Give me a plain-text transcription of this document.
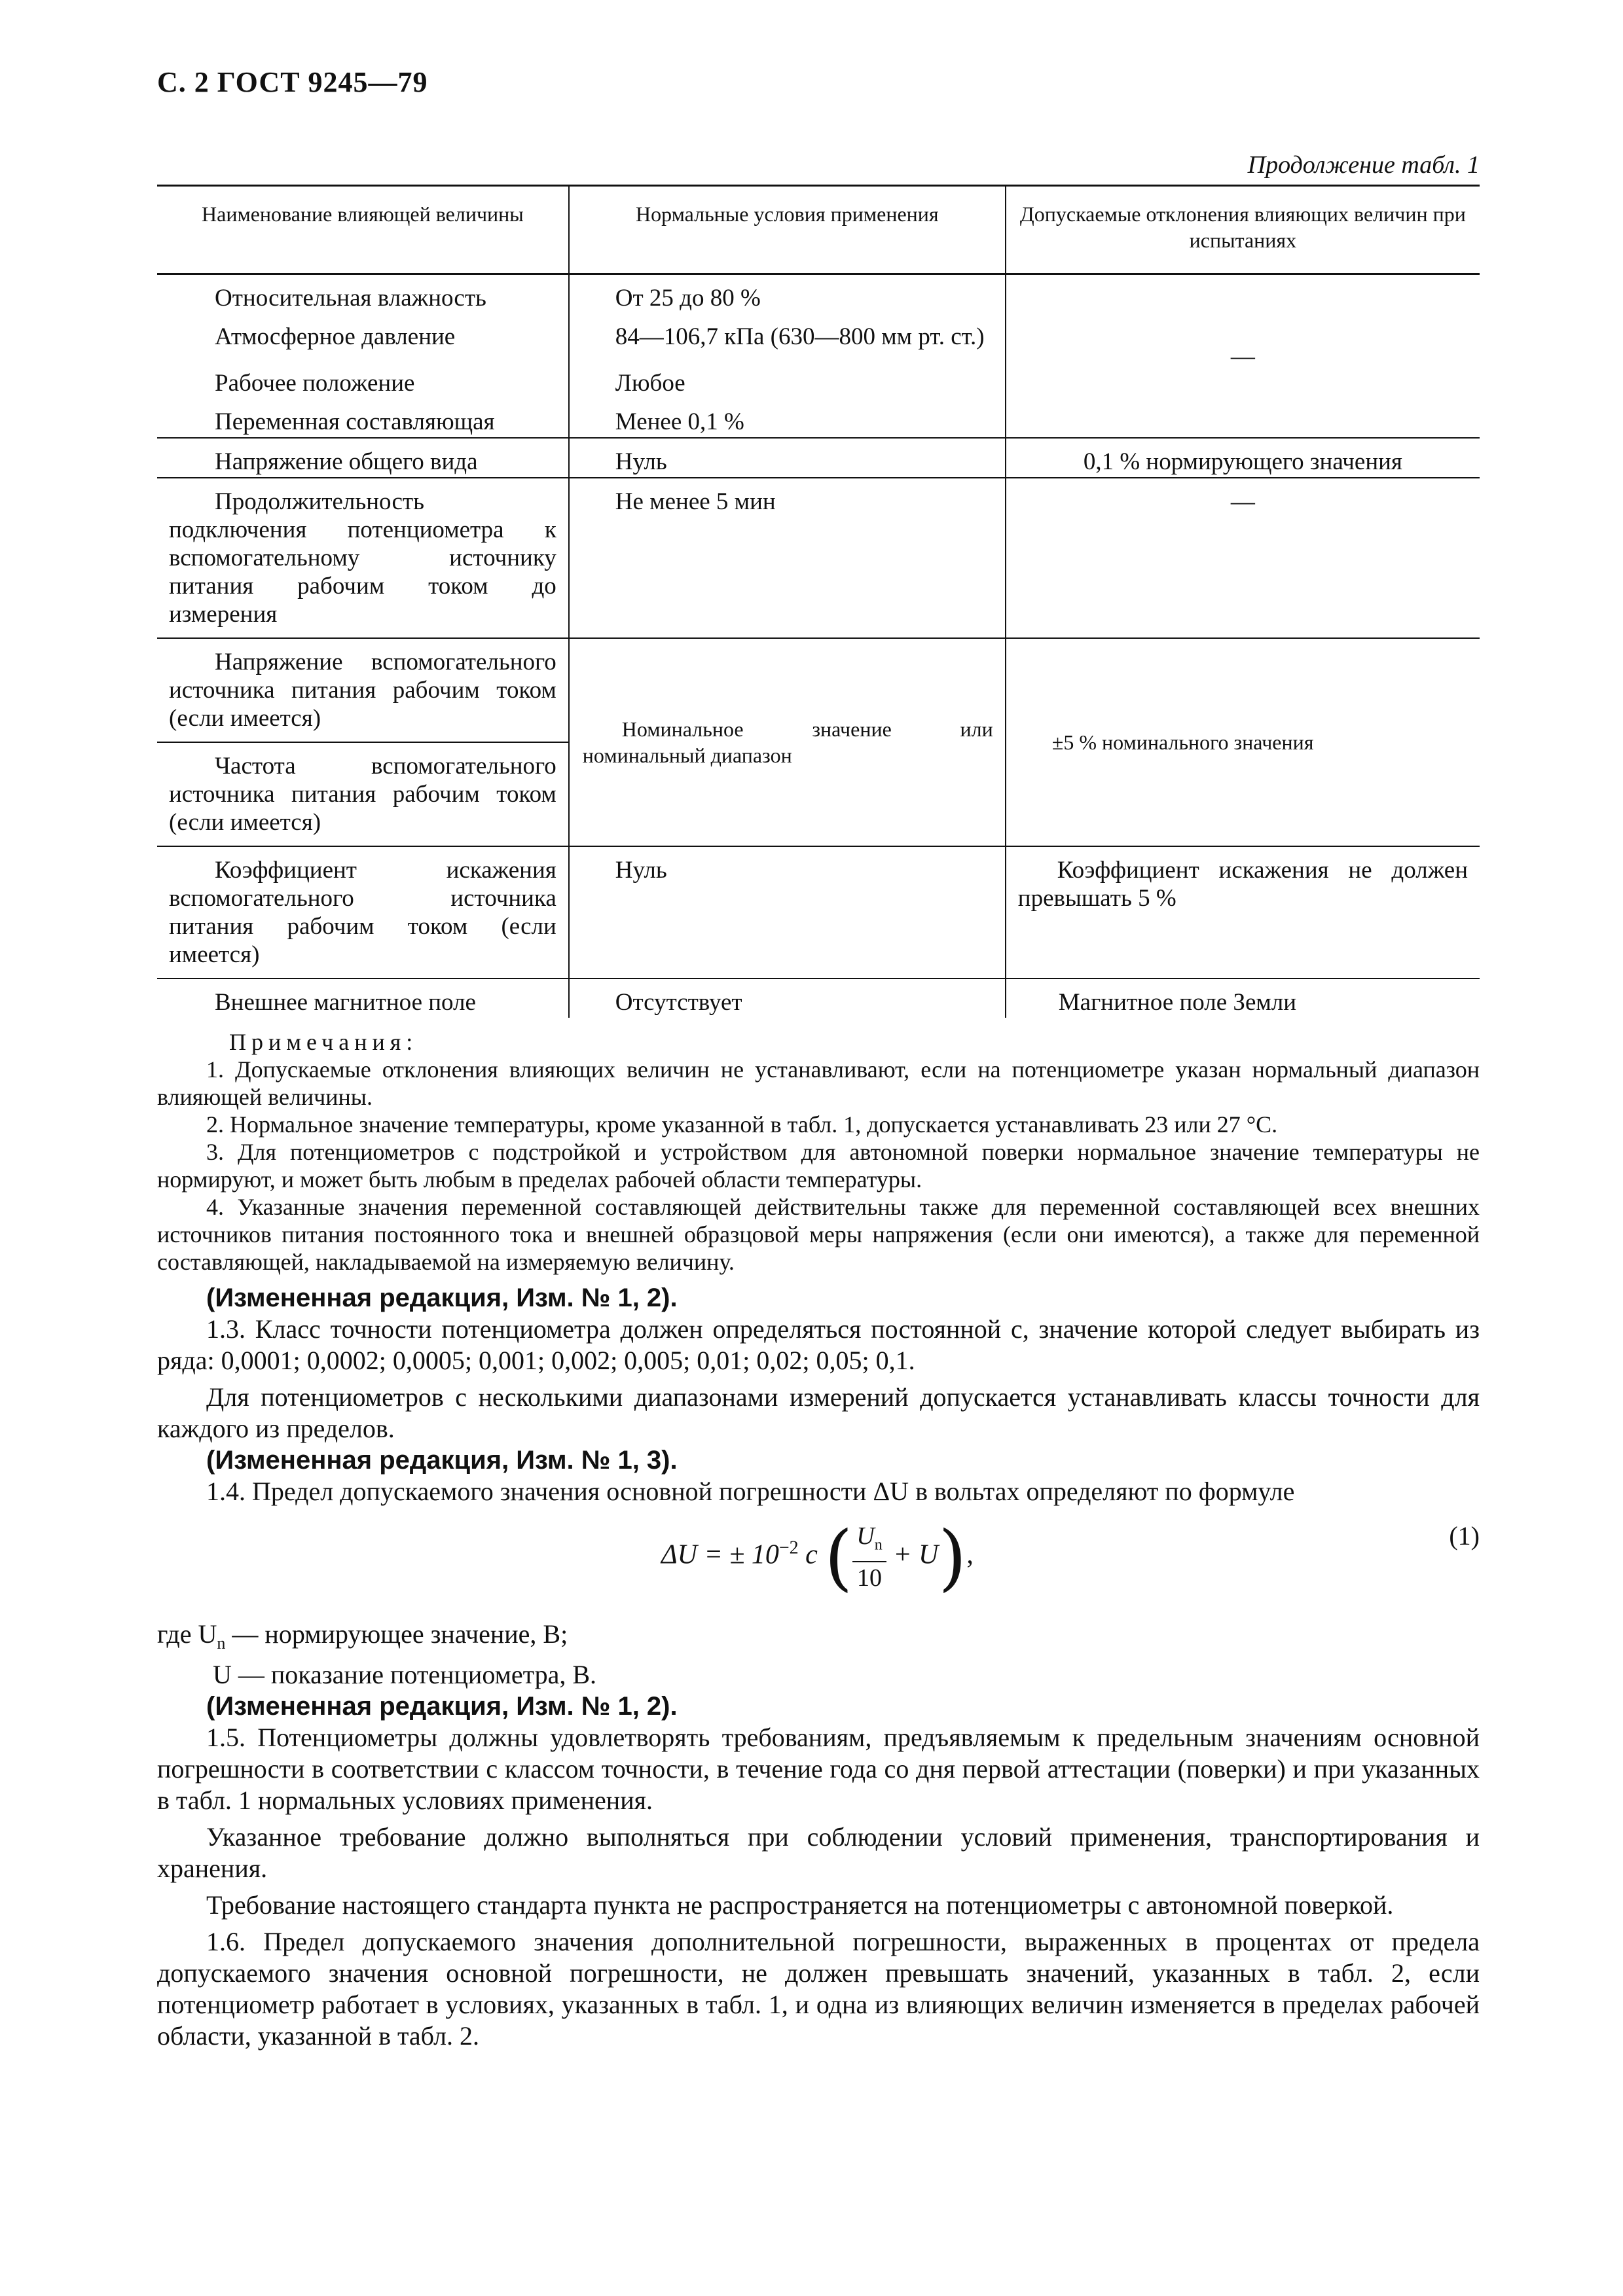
С. 2 ГОСТ 9245—79
Продолжение табл. 1
Наименование влияющей величины	Нормальные условия применения	Допускаемые отклонения влияющих величин при испытаниях
Относительная влажность	От 25 до 80 %	—
Атмосферное давление	84—106,7 кПа (630—800 мм рт. ст.)	
Рабочее положение	Любое	
Переменная составляющая	Менее 0,1 %	
Напряжение общего вида	Нуль	0,1 % нормирующего значения
Продолжительность подключения потенциометра к вспомогательному источнику питания рабочим током до измерения	Не менее 5 мин	—
Напряжение вспомогательного источника питания рабочим током (если имеется)	Номинальное значение или номинальный диапазон	±5 % номинального значения
Частота вспомогательного источника питания рабочим током (если имеется)		
Коэффициент искажения вспомогательного источника питания рабочим током (если имеется)	Нуль	Коэффициент искажения не должен превышать 5 %
Внешнее магнитное поле	Отсутствует	Магнитное поле Земли
Примечания:

1. Допускаемые отклонения влияющих величин не устанавливают, если на потенциометре указан нормальный диапазон влияющей величины.

2. Нормальное значение температуры, кроме указанной в табл. 1, допускается устанавливать 23 или 27 °С.

3. Для потенциометров с подстройкой и устройством для автономной поверки нормальное значение температуры не нормируют, и может быть любым в пределах рабочей области температуры.

4. Указанные значения переменной составляющей действительны также для переменной составляющей всех внешних источников питания постоянного тока и внешней образцовой меры напряжения (если они имеются), а также для переменной составляющей, накладываемой на измеряемую величину.

(Измененная редакция, Изм. № 1, 2).

1.3. Класс точности потенциометра должен определяться постоянной c, значение которой следует выбирать из ряда: 0,0001; 0,0002; 0,0005; 0,001; 0,002; 0,005; 0,01; 0,02; 0,05; 0,1.

Для потенциометров с несколькими диапазонами измерений допускается устанавливать классы точности для каждого из пределов.

(Измененная редакция, Изм. № 1, 3).

1.4. Предел допускаемого значения основной погрешности ΔU в вольтах определяют по формуле

ΔU = ± $10^{-2}$ c ( $\frac{U_n}{10} + U$),
(1)

где $U_n$ — нормирующее значение, В;

U — показание потенциометра, В.

(Измененная редакция, Изм. № 1, 2).

1.5. Потенциометры должны удовлетворять требованиям, предъявляемым к предельным значениям основной погрешности в соответствии с классом точности, в течение года со дня первой аттестации (поверки) и при указанных в табл. 1 нормальных условиях применения.

Указанное требование должно выполняться при соблюдении условий применения, транспортирования и хранения.

Требование настоящего стандарта пункта не распространяется на потенциометры с автономной поверкой.

1.6. Предел допускаемого значения дополнительной погрешности, выраженных в процентах от предела допускаемого значения основной погрешности, не должен превышать значений, указанных в табл. 2, если потенциометр работает в условиях, указанных в табл. 1, и одна из влияющих величин изменяется в пределах рабочей области, указанной в табл. 2.
